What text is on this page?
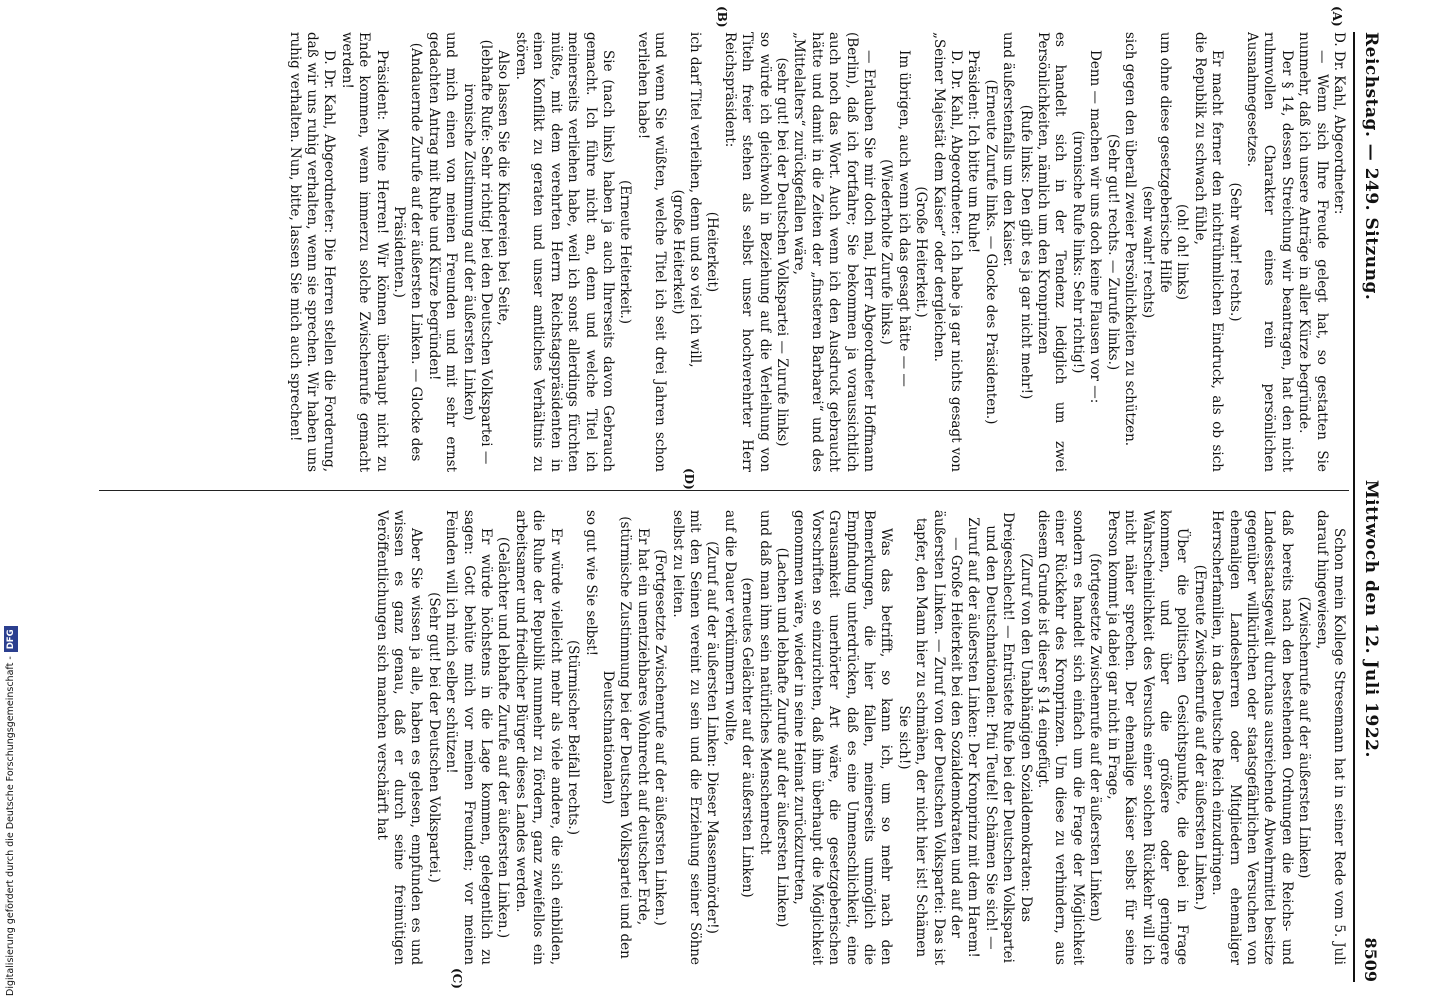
Reichstag. — 249. Sitzung.
Mittwoch den 12. Juli 1922.
8509
(A)
(B)
(C)
(D)

D. Dr. Kahl, Abgeordneter:

— Wenn sich Ihre Freude gelegt hat, so gestatten Sie nunmehr, daß ich unsere Anträge in aller Kürze begründe.

Der § 14, dessen Streichung wir beantragen, hat den nicht ruhmvollen Charakter eines rein persönlichen Ausnahmegesetzes.

(Sehr wahr! rechts.)

Er macht ferner den nichtrühmlichen Eindruck, als ob sich die Republik zu schwach fühle,

(oh! oh! links)

um ohne diese gesetzgeberische Hilfe

(sehr wahr! rechts)

sich gegen den überall zweier Persönlichkeiten zu schützen.

(Sehr gut! rechts. — Zurufe links.)

Denn — machen wir uns doch keine Flausen vor —:

(ironische Rufe links: Sehr richtig!)

es handelt sich in der Tendenz lediglich um zwei Persönlichkeiten, nämlich um den Kronprinzen

(Rufe links: Den gibt es ja gar nicht mehr!)

und äußerstenfalls um den Kaiser.

(Erneute Zurufe links. — Glocke des Präsidenten.)

Präsident: Ich bitte um Ruhe!

D. Dr. Kahl, Abgeordneter: Ich habe ja gar nichts gesagt von „Seiner Majestät dem Kaiser“ oder dergleichen.

(Große Heiterkeit.)

Im übrigen, auch wenn ich das gesagt hätte — —

(Wiederholte Zurufe links.)

— Erlauben Sie mir doch mal, Herr Abgeordneter Hoffmann (Berlin), daß ich fortfahre; Sie bekommen ja voraussichtlich auch noch das Wort. Auch wenn ich den Ausdruck gebraucht hätte und damit in die Zeiten der „finsteren Barbarei“ und des „Mittelalters“ zurückgefallen wäre,

(sehr gut! bei der Deutschen Volkspartei — Zurufe links)

so würde ich gleichwohl in Beziehung auf die Verleihung von Titeln freier stehen als selbst unser hochverehrter Herr Reichspräsident:

(Heiterkeit)

ich darf Titel verleihen, denn und so viel ich will,

(große Heiterkeit)

und wenn Sie wüßten, welche Titel ich seit drei Jahren schon verliehen habe!

(Erneute Heiterkeit.)

Sie (nach links) haben ja auch Ihrerseits davon Gebrauch gemacht. Ich führe nicht an, denn und welche Titel ich meinerseits verliehen habe, weil ich sonst allerdings fürchten müßte, mit dem verehrten Herrn Reichstagspräsidenten in einen Konflikt zu geraten und unser amtliches Verhältnis zu stören.

Also lassen Sie die Kindereien bei Seite,

(lebhafte Rufe: Sehr richtig! bei den Deutschen Volkspartei — ironische Zustimmung auf der äußersten Linken)

und mich einen von meinen Freunden und mit sehr ernst gedachten Antrag mit Ruhe und Kürze begründen!

(Andauernde Zurufe auf der äußersten Linken. — Glocke des Präsidenten.)

Präsident: Meine Herren! Wir können überhaupt nicht zu Ende kommen, wenn immerzu solche Zwischenrufe gemacht werden!

D. Dr. Kahl, Abgeordneter: Die Herren stellen die Forderung, daß wir uns ruhig verhalten, wenn sie sprechen. Wir haben uns ruhig verhalten. Nun, bitte, lassen Sie mich auch sprechen!

Schon mein Kollege Stresemann hat in seiner Rede vom 5. Juli darauf hingewiesen,

(Zwischenrufe auf der äußersten Linken)

daß bereits nach den bestehenden Ordnungen die Reichs- und Landesstaatsgewalt durchaus ausreichende Abwehrmittel besitze gegenüber willkürlichen oder staatsgefährlichen Versuchen von ehemaligen Landesherren oder Mitgliedern ehemaliger Herrscherfamilien, in das Deutsche Reich einzudringen.

(Erneute Zwischenrufe auf der äußersten Linken.)

Über die politischen Gesichtspunkte, die dabei in Frage kommen, und über die größere oder geringere Wahrscheinlichkeit des Versuchs einer solchen Rückkehr will ich nicht näher sprechen. Der ehemalige Kaiser selbst für seine Person kommt ja dabei gar nicht in Frage,

(fortgesetzte Zwischenrufe auf der äußersten Linken)

sondern es handelt sich einfach um die Frage der Möglichkeit einer Rückkehr des Kronprinzen. Um diese zu verhindern, aus diesem Grunde ist dieser § 14 eingefügt.

(Zuruf von den Unabhängigen Sozialdemokraten: Das Dreigeschlecht! — Entrüstete Rufe bei der Deutschen Volkspartei und den Deutschnationalen: Pfui Teufel! Schämen Sie sich! — Zuruf auf der äußersten Linken: Der Kronprinz mit dem Harem! — Große Heiterkeit bei den Sozialdemokraten und auf der äußersten Linken. — Zuruf von der Deutschen Volkspartei: Das ist tapfer, den Mann hier zu schmähen, der nicht hier ist! Schämen Sie sich!)

Was das betrifft, so kann ich, um so mehr nach den Bemerkungen, die hier fallen, meinerseits unmöglich die Empfindung unterdrücken, daß es eine Unmenschlichkeit, eine Grausamkeit unerhörter Art wäre, die gesetzgeberischen Vorschriften so einzurichten, daß ihm überhaupt die Möglichkeit genommen wäre, wieder in seine Heimat zurückzutreten,

(Lachen und lebhafte Zurufe auf der äußersten Linken)

und daß man ihm sein natürliches Menschenrecht

(erneutes Gelächter auf der äußersten Linken)

auf die Dauer verkümmern wollte,

(Zuruf auf der äußersten Linken: Dieser Massenmörder!)

mit den Seinen vereint zu sein und die Erziehung seiner Söhne selbst zu leiten.

(Fortgesetzte Zwischenrufe auf der äußersten Linken.)

Er hat ein unentziehbares Wohnrecht auf deutscher Erde,

(stürmische Zustimmung bei der Deutschen Volkspartei und den Deutschnationalen)

so gut wie Sie selbst!

(Stürmischer Beifall rechts.)

Er würde vielleicht mehr als viele andere, die sich einbilden, die Ruhe der Republik nunmehr zu fördern, ganz zweifellos ein arbeitsamer und friedlicher Bürger dieses Landes werden.

(Gelächter und lebhafte Zurufe auf der äußersten Linken.)

Er würde höchstens in die Lage kommen, gelegentlich zu sagen: Gott behüte mich vor meinen Freunden; vor meinen Feinden will ich mich selber schützen!

(Sehr gut! bei der Deutschen Volkspartei.)

Aber Sie wissen ja alle, haben es gelesen, empfunden es und wissen es ganz genau, daß er durch seine freimütigen Veröffentlichungen sich manchen verschärft hat

Digitalisierung gefördert durch die Deutsche Forschungsgemeinschaft -DFG
